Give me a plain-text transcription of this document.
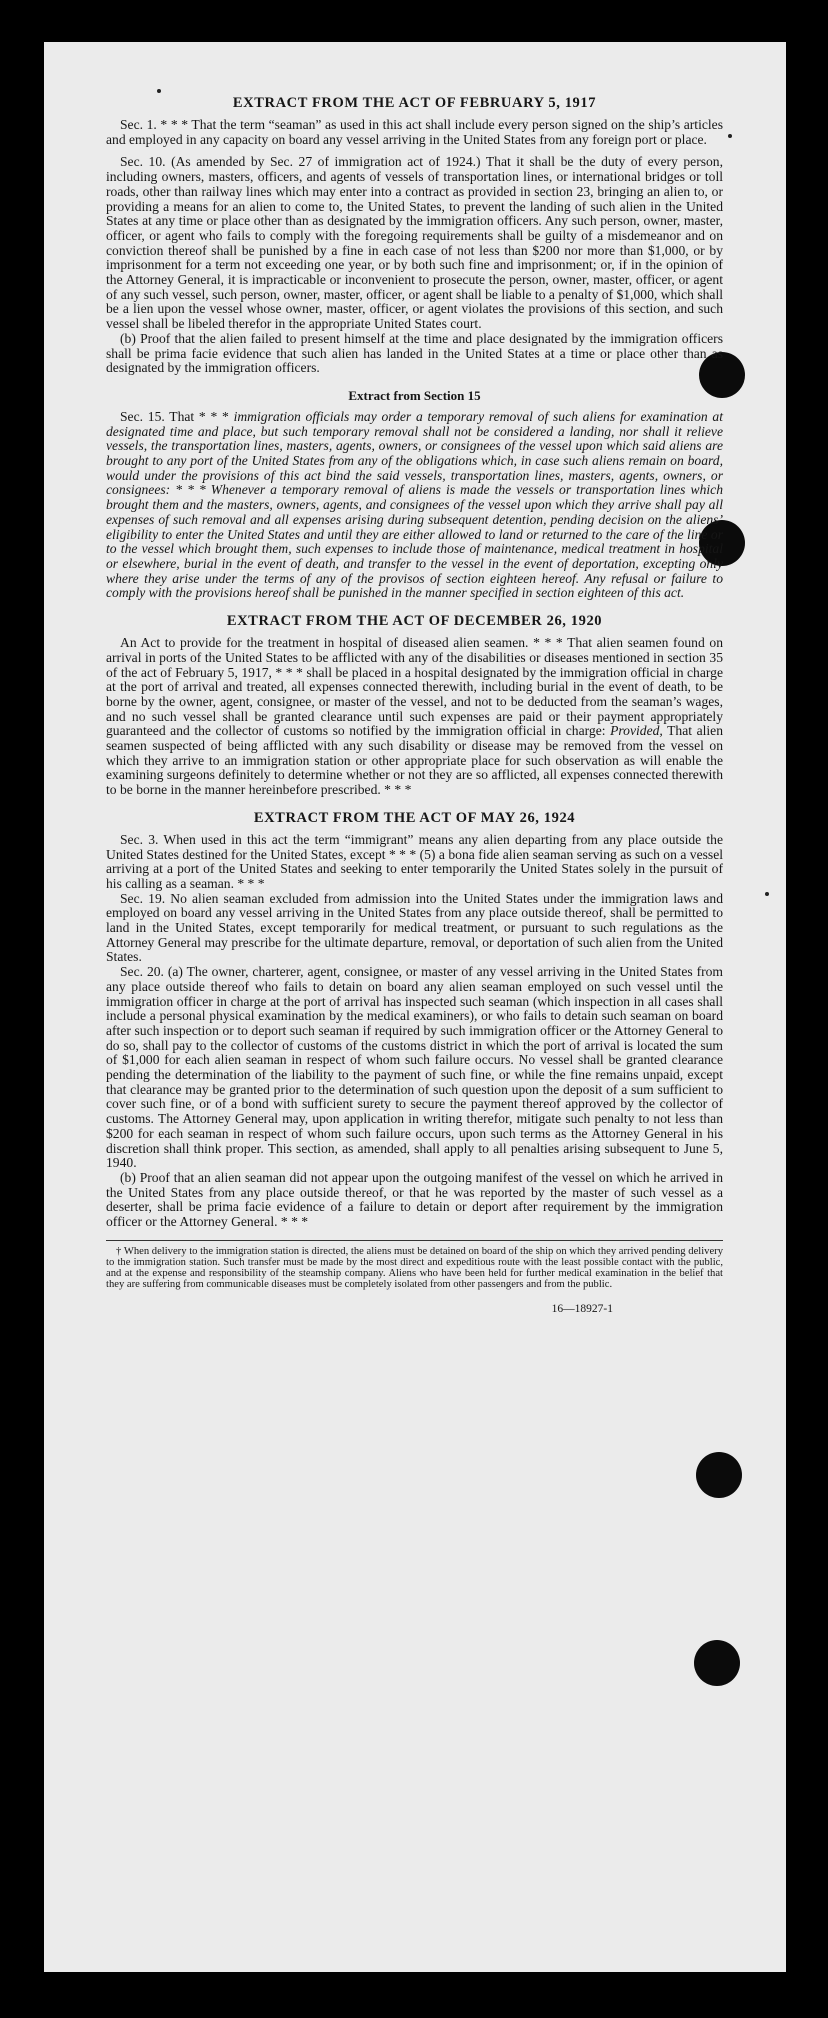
EXTRACT FROM THE ACT OF FEBRUARY 5, 1917

Sec. 1. * * * That the term “seaman” as used in this act shall include every person signed on the ship’s articles and employed in any capacity on board any vessel arriving in the United States from any foreign port or place.

Sec. 10. (As amended by Sec. 27 of immigration act of 1924.) That it shall be the duty of every person, including owners, masters, officers, and agents of vessels of transportation lines, or international bridges or toll roads, other than railway lines which may enter into a contract as provided in section 23, bringing an alien to, or providing a means for an alien to come to, the United States, to prevent the landing of such alien in the United States at any time or place other than as designated by the immigration officers. Any such person, owner, master, officer, or agent who fails to comply with the foregoing requirements shall be guilty of a misdemeanor and on conviction thereof shall be punished by a fine in each case of not less than $200 nor more than $1,000, or by imprisonment for a term not exceeding one year, or by both such fine and imprisonment; or, if in the opinion of the Attorney General, it is impracticable or inconvenient to prosecute the person, owner, master, officer, or agent of any such vessel, such person, owner, master, officer, or agent shall be liable to a penalty of $1,000, which shall be a lien upon the vessel whose owner, master, officer, or agent violates the provisions of this section, and such vessel shall be libeled therefor in the appropriate United States court.

(b) Proof that the alien failed to present himself at the time and place designated by the immigration officers shall be prima facie evidence that such alien has landed in the United States at a time or place other than as designated by the immigration officers.

Extract from Section 15

Sec. 15. That * * * immigration officials may order a temporary removal of such aliens for examination at designated time and place, but such temporary removal shall not be considered a landing, nor shall it relieve vessels, the transportation lines, masters, agents, owners, or consignees of the vessel upon which said aliens are brought to any port of the United States from any of the obligations which, in case such aliens remain on board, would under the provisions of this act bind the said vessels, transportation lines, masters, agents, owners, or consignees: * * * Whenever a temporary removal of aliens is made the vessels or transportation lines which brought them and the masters, owners, agents, and consignees of the vessel upon which they arrive shall pay all expenses of such removal and all expenses arising during subsequent detention, pending decision on the aliens’ eligibility to enter the United States and until they are either allowed to land or returned to the care of the line or to the vessel which brought them, such expenses to include those of maintenance, medical treatment in hospital or elsewhere, burial in the event of death, and transfer to the vessel in the event of deportation, excepting only where they arise under the terms of any of the provisos of section eighteen hereof. Any refusal or failure to comply with the provisions hereof shall be punished in the manner specified in section eighteen of this act.

EXTRACT FROM THE ACT OF DECEMBER 26, 1920

An Act to provide for the treatment in hospital of diseased alien seamen. * * * That alien seamen found on arrival in ports of the United States to be afflicted with any of the disabilities or diseases mentioned in section 35 of the act of February 5, 1917, * * * shall be placed in a hospital designated by the immigration official in charge at the port of arrival and treated, all expenses connected therewith, including burial in the event of death, to be borne by the owner, agent, consignee, or master of the vessel, and not to be deducted from the seaman’s wages, and no such vessel shall be granted clearance until such expenses are paid or their payment appropriately guaranteed and the collector of customs so notified by the immigration official in charge: Provided, That alien seamen suspected of being afflicted with any such disability or disease may be removed from the vessel on which they arrive to an immigration station or other appropriate place for such observation as will enable the examining surgeons definitely to determine whether or not they are so afflicted, all expenses connected therewith to be borne in the manner hereinbefore prescribed. * * *

EXTRACT FROM THE ACT OF MAY 26, 1924

Sec. 3. When used in this act the term “immigrant” means any alien departing from any place outside the United States destined for the United States, except * * * (5) a bona fide alien seaman serving as such on a vessel arriving at a port of the United States and seeking to enter temporarily the United States solely in the pursuit of his calling as a seaman. * * *

Sec. 19. No alien seaman excluded from admission into the United States under the immigration laws and employed on board any vessel arriving in the United States from any place outside thereof, shall be permitted to land in the United States, except temporarily for medical treatment, or pursuant to such regulations as the Attorney General may prescribe for the ultimate departure, removal, or deportation of such alien from the United States.

Sec. 20. (a) The owner, charterer, agent, consignee, or master of any vessel arriving in the United States from any place outside thereof who fails to detain on board any alien seaman employed on such vessel until the immigration officer in charge at the port of arrival has inspected such seaman (which inspection in all cases shall include a personal physical examination by the medical examiners), or who fails to detain such seaman on board after such inspection or to deport such seaman if required by such immigration officer or the Attorney General to do so, shall pay to the collector of customs of the customs district in which the port of arrival is located the sum of $1,000 for each alien seaman in respect of whom such failure occurs. No vessel shall be granted clearance pending the determination of the liability to the payment of such fine, or while the fine remains unpaid, except that clearance may be granted prior to the determination of such question upon the deposit of a sum sufficient to cover such fine, or of a bond with sufficient surety to secure the payment thereof approved by the collector of customs. The Attorney General may, upon application in writing therefor, mitigate such penalty to not less than $200 for each seaman in respect of whom such failure occurs, upon such terms as the Attorney General in his discretion shall think proper. This section, as amended, shall apply to all penalties arising subsequent to June 5, 1940.

(b) Proof that an alien seaman did not appear upon the outgoing manifest of the vessel on which he arrived in the United States from any place outside thereof, or that he was reported by the master of such vessel as a deserter, shall be prima facie evidence of a failure to detain or deport after requirement by the immigration officer or the Attorney General. * * *

† When delivery to the immigration station is directed, the aliens must be detained on board of the ship on which they arrived pending delivery to the immigration station. Such transfer must be made by the most direct and expeditious route with the least possible contact with the public, and at the expense and responsibility of the steamship company. Aliens who have been held for further medical examination in the belief that they are suffering from communicable diseases must be completely isolated from other passengers and from the public.

16—18927-1
